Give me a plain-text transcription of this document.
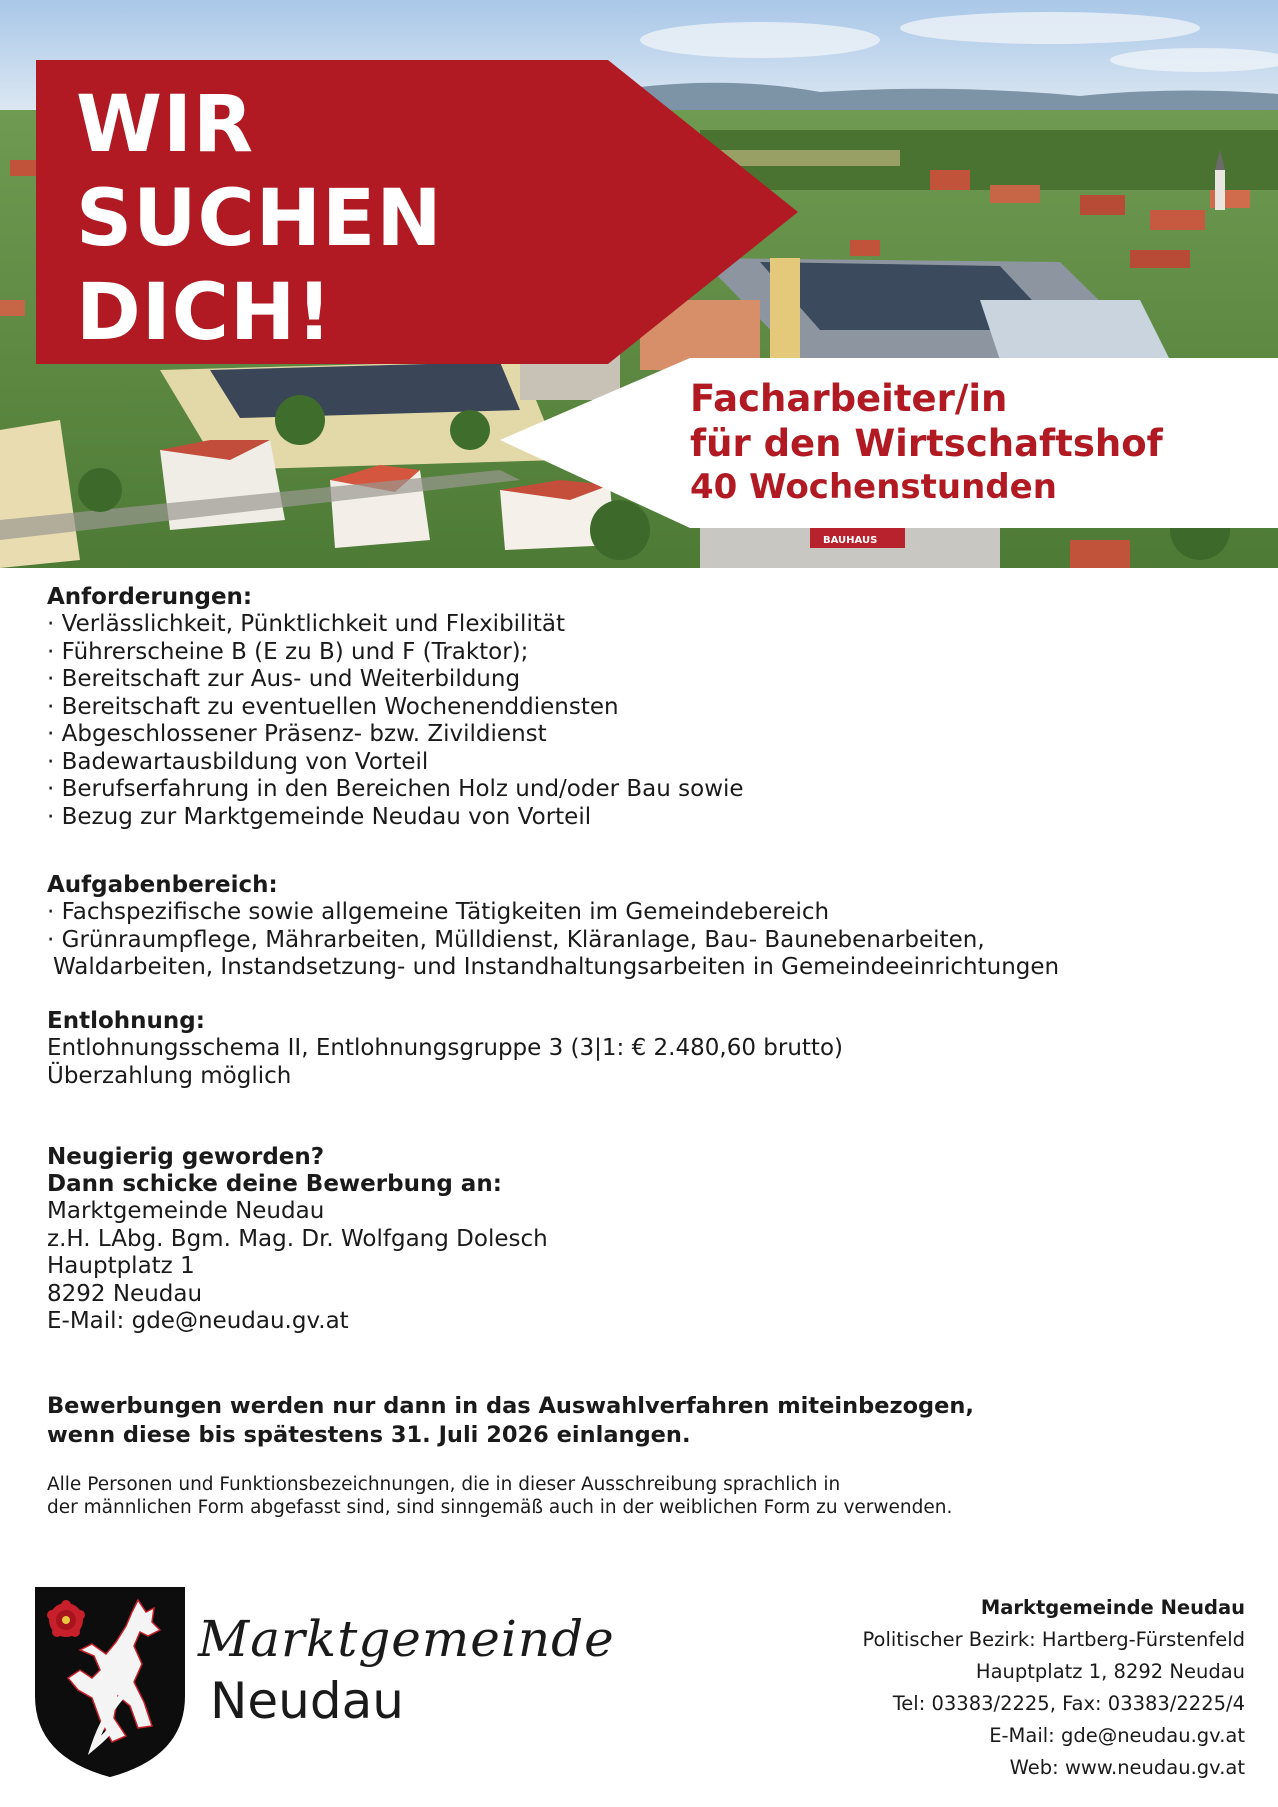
BAUHAUS
WIR
SUCHEN
DICH!
Facharbeiter/in
für den Wirtschaftshof
40 Wochenstunden
Anforderungen:
· Verlässlichkeit, Pünktlichkeit und Flexibilität
· Führerscheine B (E zu B) und F (Traktor);
· Bereitschaft zur Aus- und Weiterbildung
· Bereitschaft zu eventuellen Wochenenddiensten
· Abgeschlossener Präsenz- bzw. Zivildienst
· Badewartausbildung von Vorteil
· Berufserfahrung in den Bereichen Holz und/oder Bau sowie
· Bezug zur Marktgemeinde Neudau von Vorteil
Aufgabenbereich:
· Fachspezifische sowie allgemeine Tätigkeiten im Gemeindebereich
· Grünraumpflege, Mährarbeiten, Mülldienst, Kläranlage, Bau- Baunebenarbeiten,
Waldarbeiten, Instandsetzung- und Instandhaltungsarbeiten in Gemeindeeinrichtungen
Entlohnung:
Entlohnungsschema II, Entlohnungsgruppe 3 (3|1: € 2.480,60 brutto)
Überzahlung möglich
Neugierig geworden?
Dann schicke deine Bewerbung an:
Marktgemeinde Neudau
z.H. LAbg. Bgm. Mag. Dr. Wolfgang Dolesch
Hauptplatz 1
8292 Neudau
E-Mail: gde@neudau.gv.at
Bewerbungen werden nur dann in das Auswahlverfahren miteinbezogen,
wenn diese bis spätestens 31. Juli 2026 einlangen.
Alle Personen und Funktionsbezeichnungen, die in dieser Ausschreibung sprachlich in
der männlichen Form abgefasst sind, sind sinngemäß auch in der weiblichen Form zu verwenden.
Marktgemeinde
Neudau
Marktgemeinde Neudau
Politischer Bezirk: Hartberg-Fürstenfeld
Hauptplatz 1, 8292 Neudau
Tel: 03383/2225, Fax: 03383/2225/4
E-Mail: gde@neudau.gv.at
Web: www.neudau.gv.at
